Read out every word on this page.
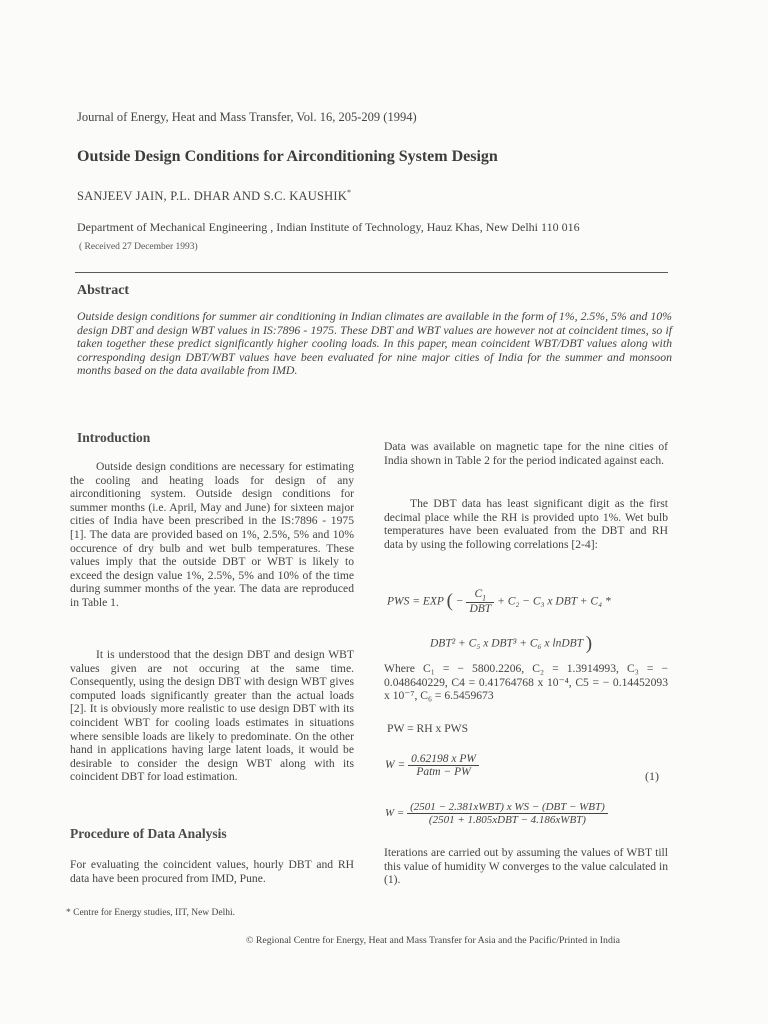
Journal of Energy, Heat and Mass Transfer, Vol. 16, 205-209 (1994)
Outside Design Conditions for Airconditioning System Design
SANJEEV JAIN, P.L. DHAR AND S.C. KAUSHIK*
Department of Mechanical Engineering , Indian Institute of Technology, Hauz Khas, New Delhi 110 016
( Received 27 December 1993)
Abstract
Outside design conditions for summer air conditioning in Indian climates are available in the form of 1%, 2.5%, 5% and 10% design DBT and design WBT values in IS:7896 - 1975. These DBT and WBT values are however not at coincident times, so if taken together these predict significantly higher cooling loads. In this paper, mean coincident WBT/DBT values along with corresponding design DBT/WBT values have been evaluated for nine major cities of India for the summer and monsoon months based on the data available from IMD.
Introduction
Outside design conditions are necessary for estimating the cooling and heating loads for design of any airconditioning system. Outside design conditions for summer months (i.e. April, May and June) for sixteen major cities of India have been prescribed in the IS:7896 - 1975 [1]. The data are provided based on 1%, 2.5%, 5% and 10% occurence of dry bulb and wet bulb temperatures. These values imply that the outside DBT or WBT is likely to exceed the design value 1%, 2.5%, 5% and 10% of the time during summer months of the year. The data are reproduced in Table 1.
It is understood that the design DBT and design WBT values given are not occuring at the same time. Consequently, using the design DBT with design WBT gives computed loads significantly greater than the actual loads [2]. It is obviously more realistic to use design DBT with its coincident WBT for cooling loads estimates in situations where sensible loads are likely to predominate. On the other hand in applications having large latent loads, it would be desirable to consider the design WBT along with its coincident DBT for load estimation.
Procedure of Data Analysis
For evaluating the coincident values, hourly DBT and RH data have been procured from IMD, Pune.
Data was available on magnetic tape for the nine cities of India shown in Table 2 for the period indicated against each.
The DBT data has least significant digit as the first decimal place while the RH is provided upto 1%. Wet bulb temperatures have been evaluated from the DBT and RH data by using the following correlations [2-4]:
PWS = EXP ( − $\frac{C_1}{\text{DBT}} + C_2 - C_3$ x DBT + C₄ *
DBT² + C₅ x DBT³ + C₆ x lnDBT )
Where C₁ = − 5800.2206, C₂ = 1.3914993, C₃ = − 0.048640229, C4 = 0.41764768 x 10⁻⁴, C5 = − 0.14452093 x 10⁻⁷, C₆ = 6.5459673
PW = RH x PWS
$W = \frac{\text{0.62198 x PW}}{\text{Patm − PW}}$	(1)
$W = \frac{\text{(2501 − 2.381xWBT) x WS − (DBT − WBT)}}{\text{(2501 + 1.805xDBT − 4.186xWBT)}}$
Iterations are carried out by assuming the values of WBT till this value of humidity W converges to the value calculated in (1).
* Centre for Energy studies, IIT, New Delhi.
© Regional Centre for Energy, Heat and Mass Transfer for Asia and the Pacific/Printed in India
